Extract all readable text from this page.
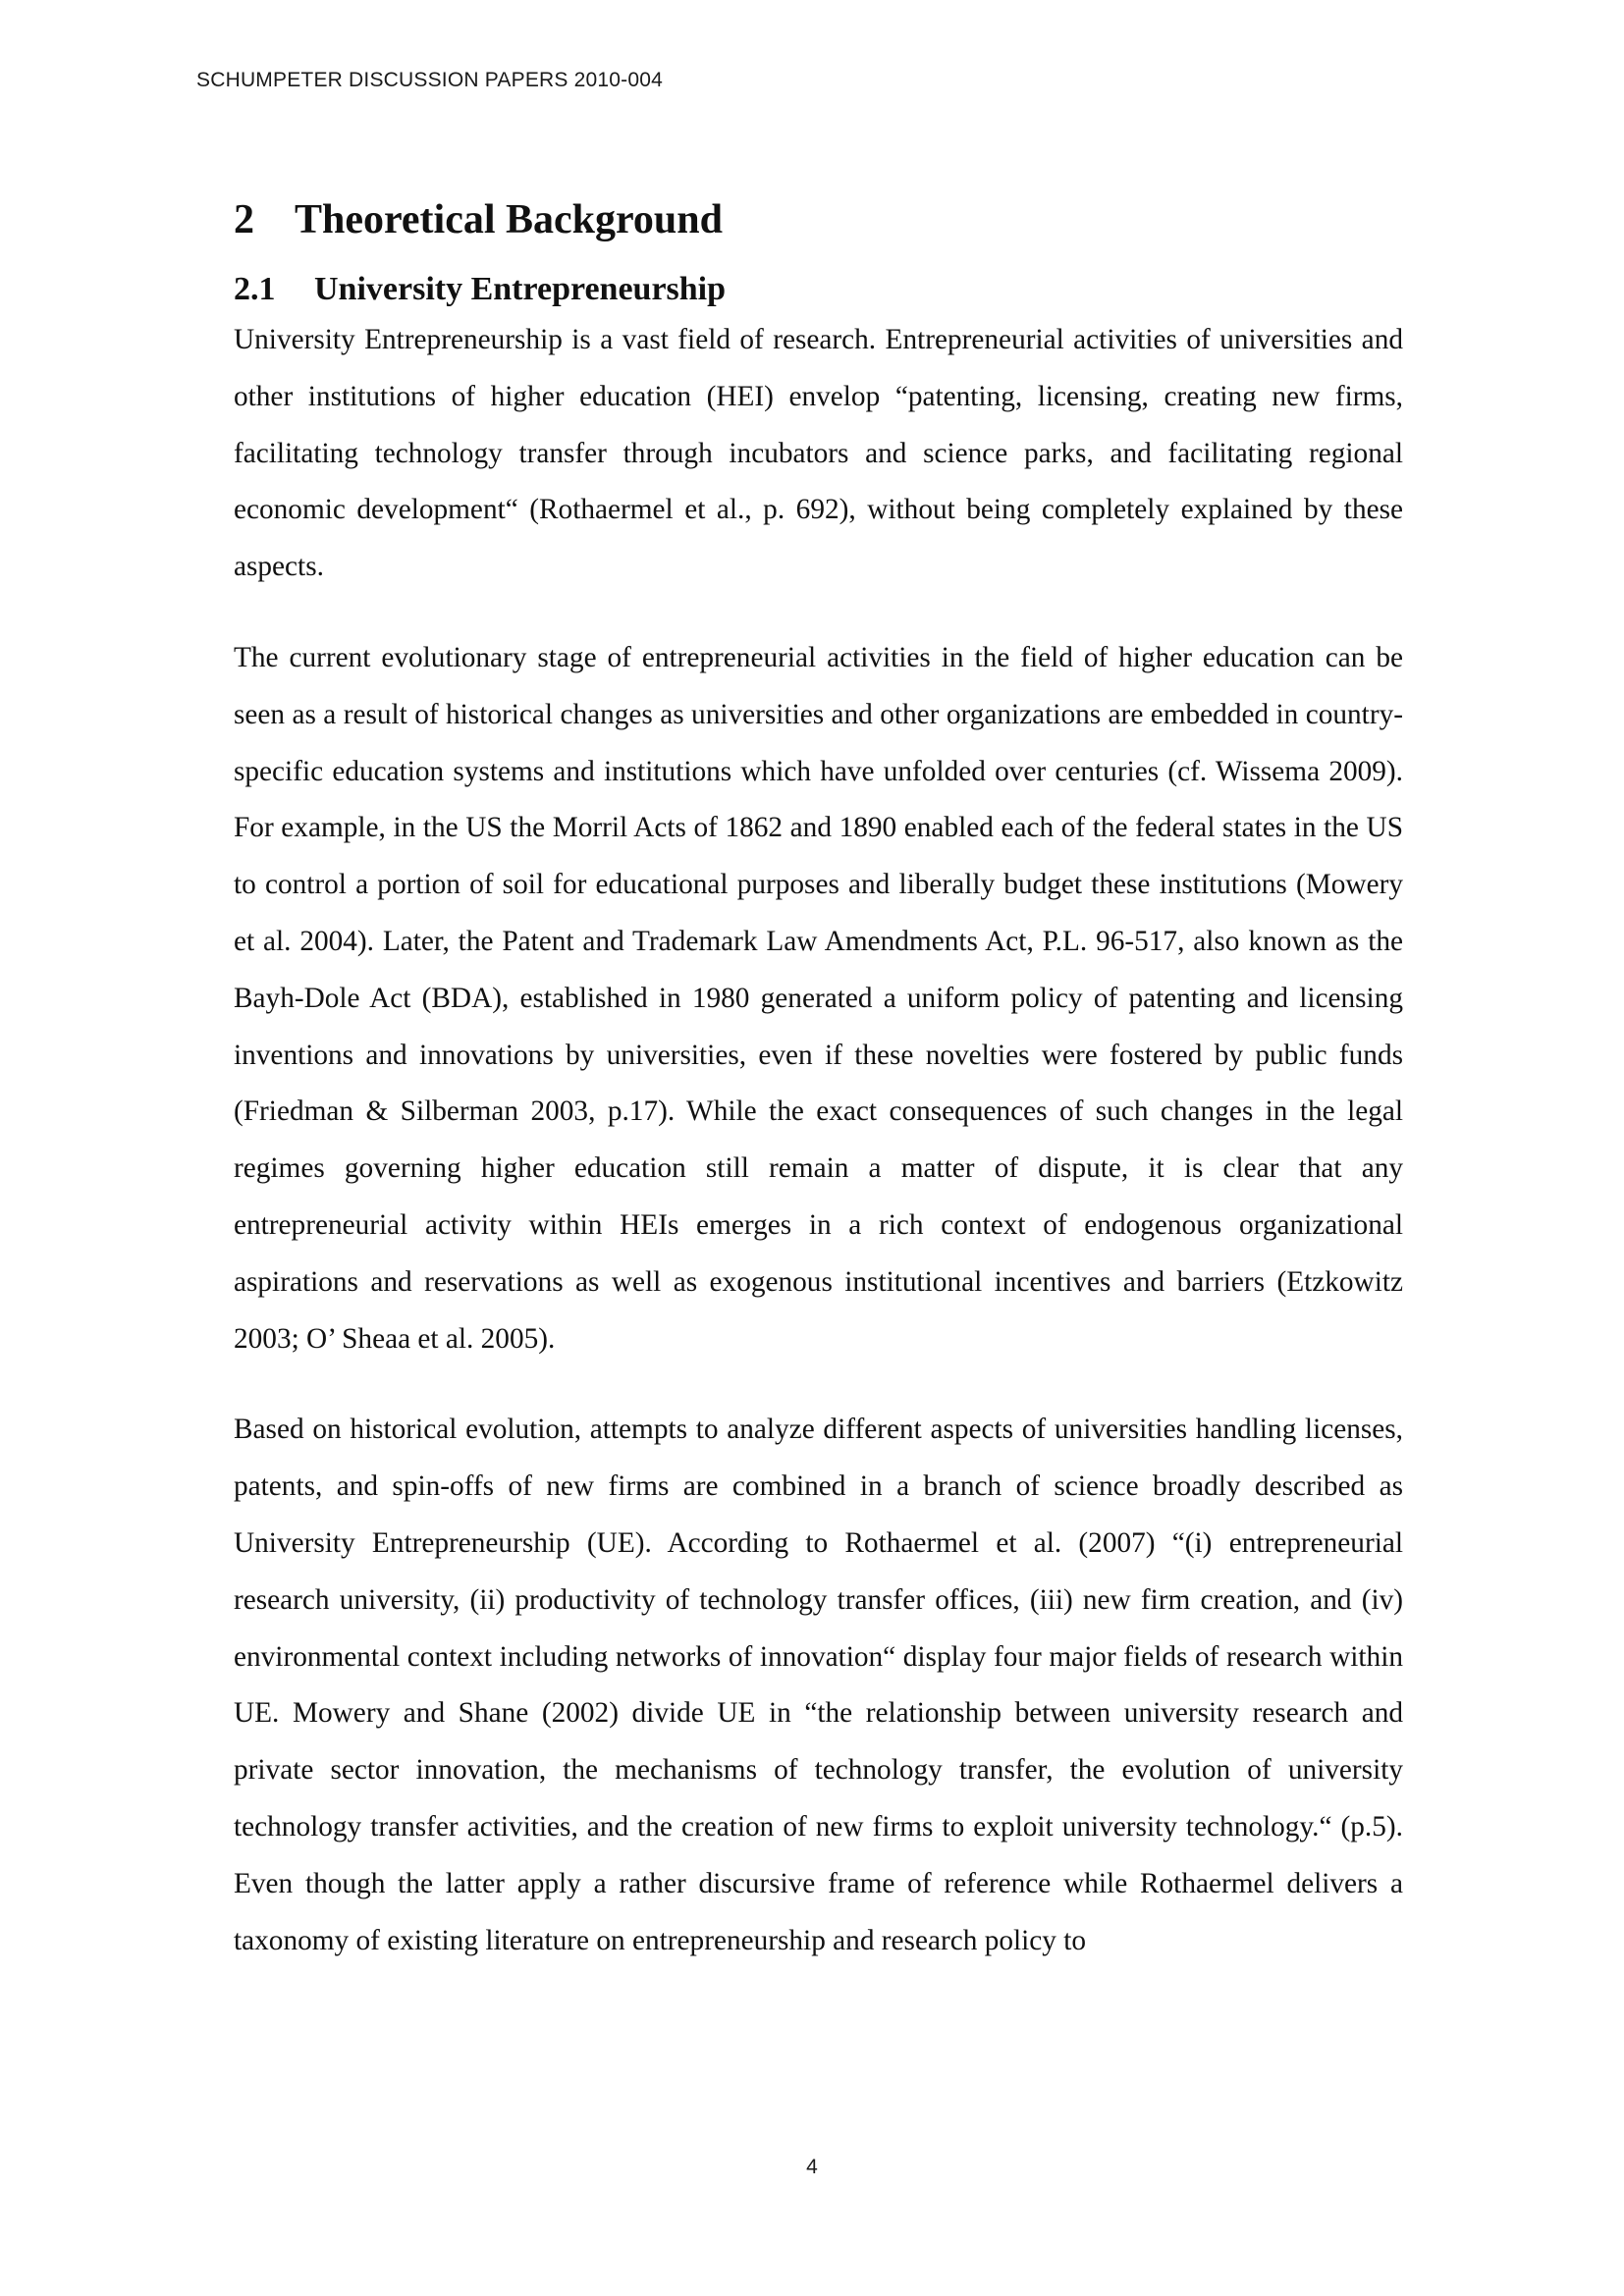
SCHUMPETER DISCUSSION PAPERS 2010-004
2 Theoretical Background
2.1	University Entrepreneurship

University Entrepreneurship is a vast field of research. Entrepreneurial activities of universities and other institutions of higher education (HEI) envelop “patenting, licensing, creating new firms, facilitating technology transfer through incubators and science parks, and facilitating regional economic development“ (Rothaermel et al., p. 692), without being completely explained by these aspects.

The current evolutionary stage of entrepreneurial activities in the field of higher education can be seen as a result of historical changes as universities and other organizations are embedded in country-specific education systems and institutions which have unfolded over centuries (cf. Wissema 2009). For example, in the US the Morril Acts of 1862 and 1890 enabled each of the federal states in the US to control a portion of soil for educational purposes and liberally budget these institutions (Mowery et al. 2004). Later, the Patent and Trademark Law Amendments Act, P.L. 96-517, also known as the Bayh-Dole Act (BDA), established in 1980 generated a uniform policy of patenting and licensing inventions and innovations by universities, even if these novelties were fostered by public funds (Friedman & Silberman 2003, p.17). While the exact consequences of such changes in the legal regimes governing higher education still remain a matter of dispute, it is clear that any entrepreneurial activity within HEIs emerges in a rich context of endogenous organizational aspirations and reservations as well as exogenous institutional incentives and barriers (Etzkowitz 2003; O’ Sheaa et al. 2005).

Based on historical evolution, attempts to analyze different aspects of universities handling licenses, patents, and spin-offs of new firms are combined in a branch of science broadly described as University Entrepreneurship (UE). According to Rothaermel et al. (2007) “(i) entrepreneurial research university, (ii) productivity of technology transfer offices, (iii) new firm creation, and (iv) environmental context including networks of innovation“ display four major fields of research within UE. Mowery and Shane (2002) divide UE in “the relationship between university research and private sector innovation, the mechanisms of technology transfer, the evolution of university technology transfer activities, and the creation of new firms to exploit university technology.“ (p.5). Even though the latter apply a rather discursive frame of reference while Rothaermel delivers a taxonomy of existing literature on entrepreneurship and research policy to

4
